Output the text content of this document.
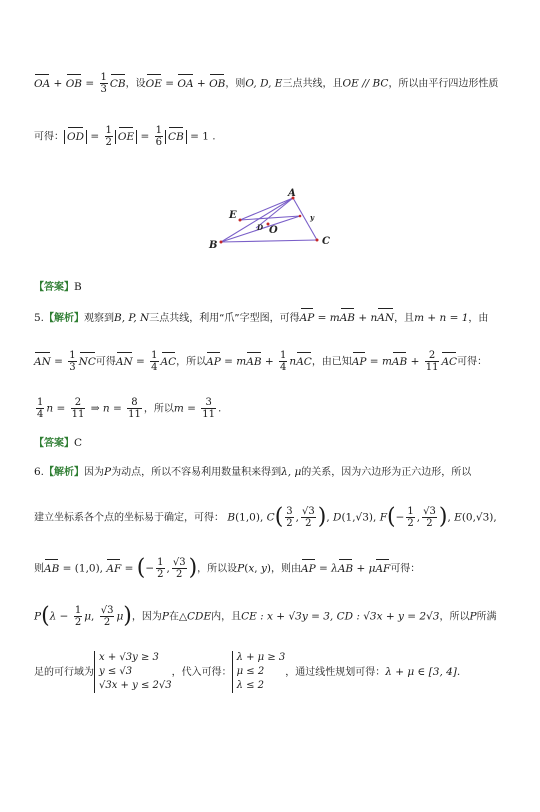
OA + OB = $\frac{1}{3}$ CB，设OE = OA + OB，则O, D, E三点共线，且OE // BC，所以由平行四边形性质
可得： OD = $\frac{1}{2}$ OE = $\frac{1}{6}$ CB = 1 .
A
B	C
E
O
D
y
【答案】B
5.【解析】观察到B, P, N三点共线，利用“爪”字型图，可得AP = mAB + nAN，且m + n = 1，由
AN = $\frac{1}{3}$ NC可得AN = $\frac{1}{4}$ AC，所以AP = mAB + $\frac{1}{4}$ nAC，由已知AP = mAB + $\frac{2}{11}$ AC可得：
$\frac{1}{4}$ $n = \frac{2}{11}$ ⇒ $n = \frac{8}{11}$ ，所以$m = \frac{3}{11}$ .
【答案】C
6.【解析】因为P为动点，所以不容易利用数量积来得到λ, μ的关系，因为六边形为正六边形，所以
建立坐标系各个点的坐标易于确定，可得： B(1,0), $C( \frac{3}{2}$ , $\frac{√3}{2}$ ), D(1,√3), $F(- \frac{1}{2}$ , $\frac{√3}{2}$ ), E(0,√3),
则AB = (1,0), AF = (− $\frac{1}{2}$ , $\frac{√3}{2}$ )，所以设P(x, y)，则由AP = λAB + μAF可得：
$P(\lambda - \frac{1}{2} \mu$, $\frac{√3}{2} \mu$)，因为P在△CDE内，且CE : x + √3y = 3, CD : √3x + y = 2√3，所以P所满
足的可行域为
x + √3y ≥ 3
y ≤ √3
√3x + y ≤ 2√3
，代入可得：
λ + μ ≥ 3
μ ≤ 2
λ ≤ 2
，通过线性规划可得：λ + μ ∈ [3, 4].
